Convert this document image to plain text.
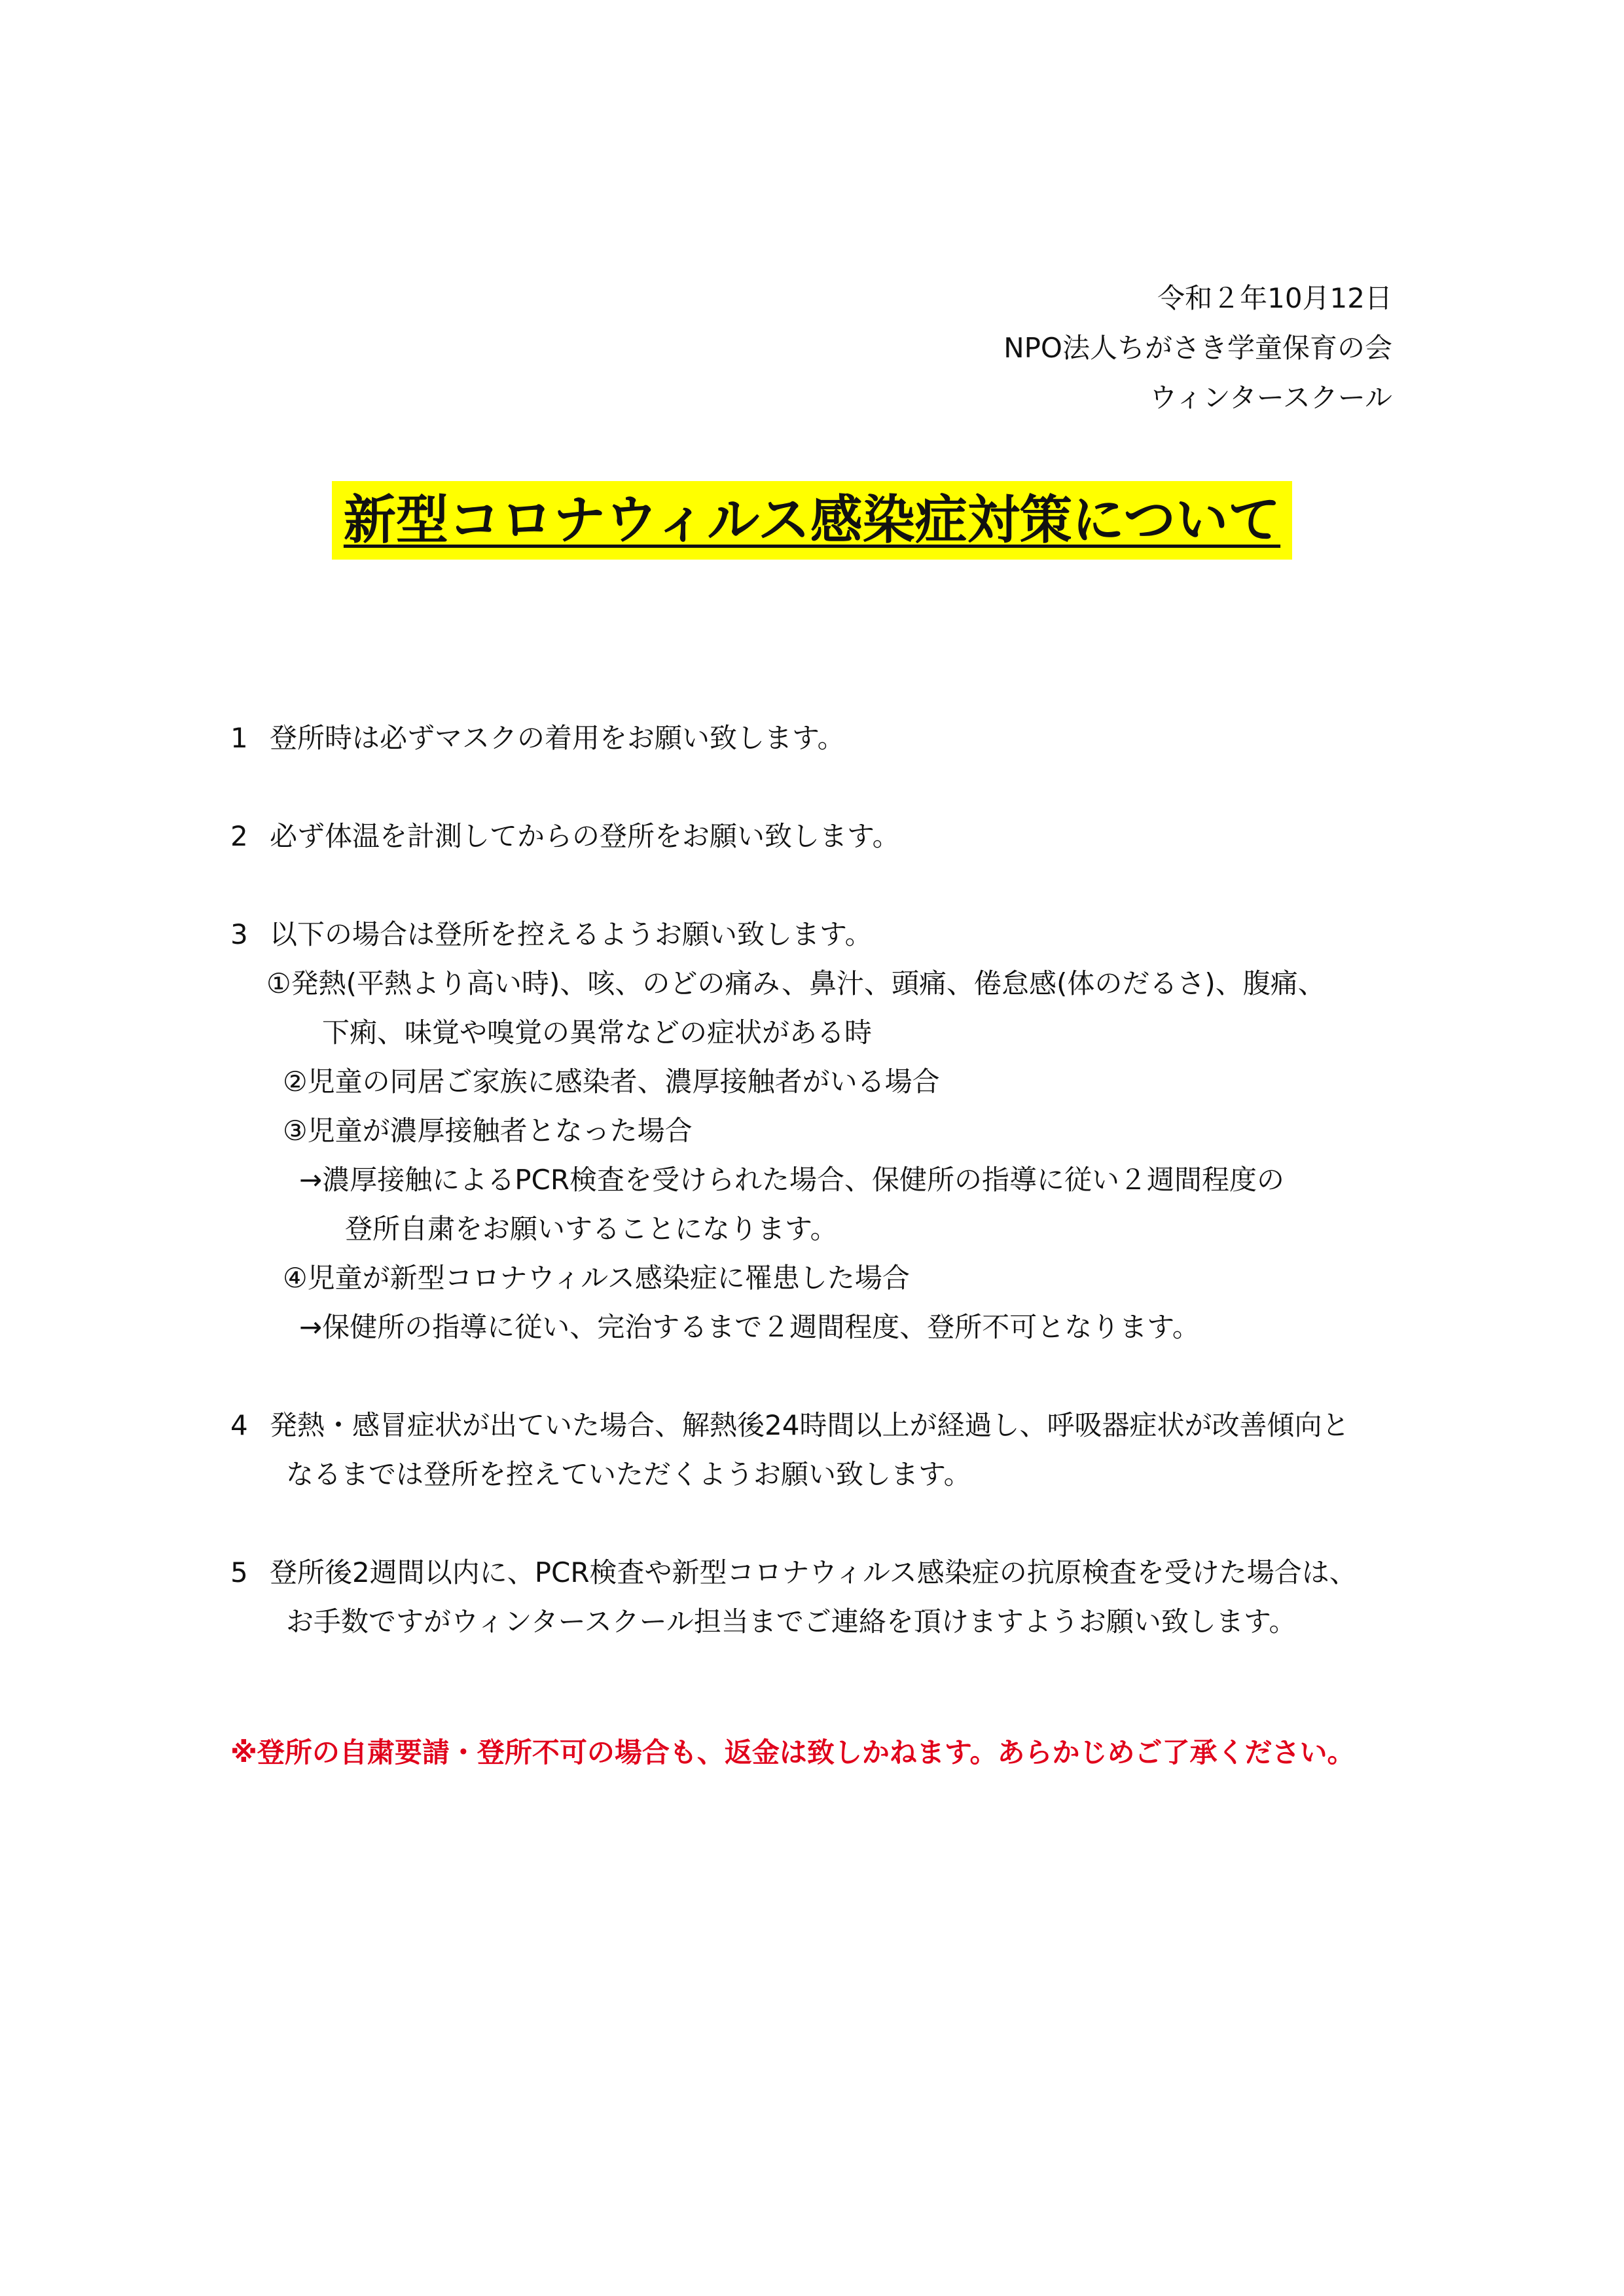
令和２年10月12日
NPO法人ちがさき学童保育の会
ウィンタースクール
新型コロナウィルス感染症対策について
1 登所時は必ずマスクの着用をお願い致します。
2 必ず体温を計測してからの登所をお願い致します。
3 以下の場合は登所を控えるようお願い致します。
①発熱(平熱より高い時)、咳、のどの痛み、鼻汁、頭痛、倦怠感(体のだるさ)、腹痛、
下痢、味覚や嗅覚の異常などの症状がある時
②児童の同居ご家族に感染者、濃厚接触者がいる場合
③児童が濃厚接触者となった場合
→濃厚接触によるPCR検査を受けられた場合、保健所の指導に従い２週間程度の
登所自粛をお願いすることになります。
④児童が新型コロナウィルス感染症に罹患した場合
→保健所の指導に従い、完治するまで２週間程度、登所不可となります。
4 発熱・感冒症状が出ていた場合、解熱後24時間以上が経過し、呼吸器症状が改善傾向と
なるまでは登所を控えていただくようお願い致します。
5 登所後2週間以内に、PCR検査や新型コロナウィルス感染症の抗原検査を受けた場合は、
お手数ですがウィンタースクール担当までご連絡を頂けますようお願い致します。
※登所の自粛要請・登所不可の場合も、返金は致しかねます。あらかじめご了承ください。
